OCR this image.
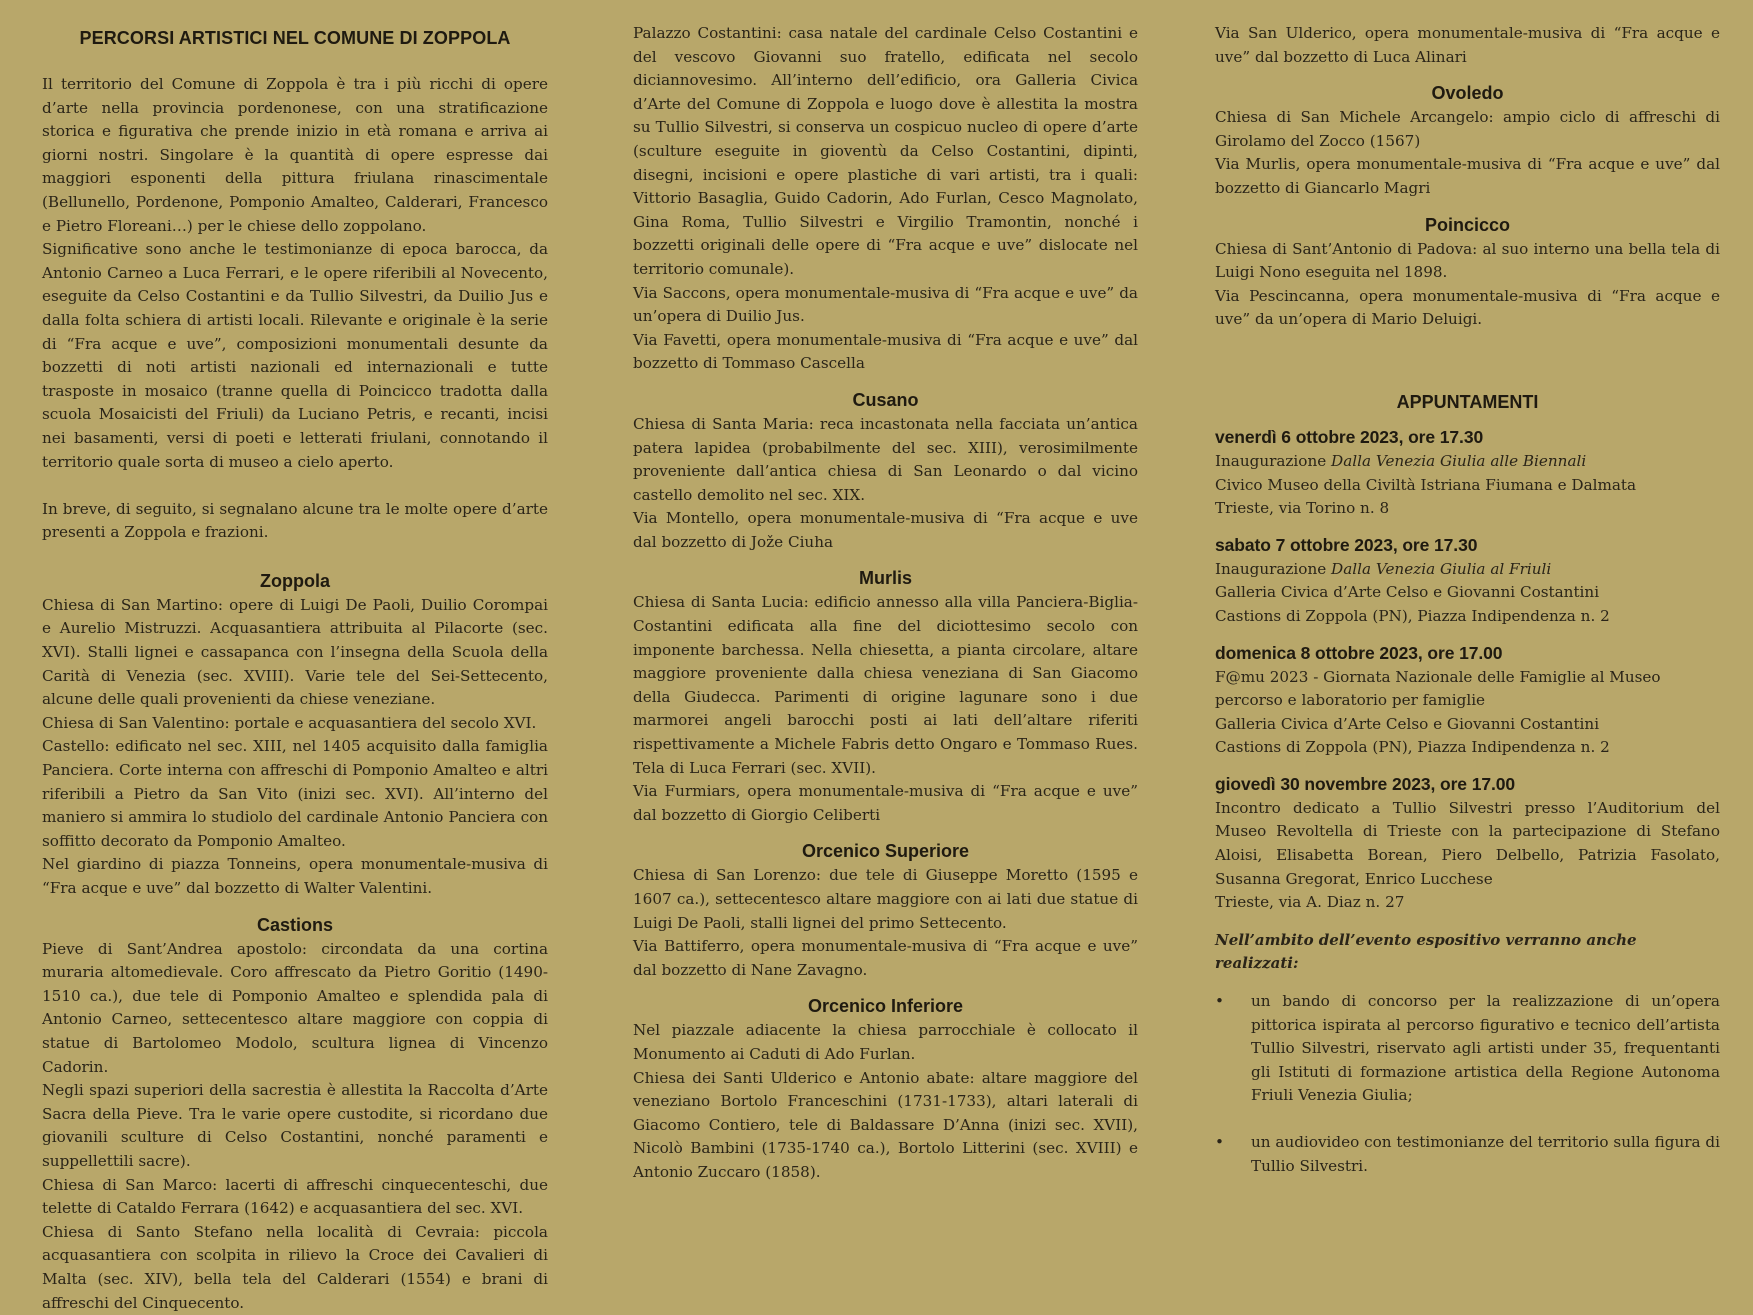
PERCORSI ARTISTICI NEL COMUNE DI ZOPPOLA

Il territorio del Comune di Zoppola è tra i più ricchi di opere d’arte nella provincia pordenonese, con una stratificazione storica e figurativa che prende inizio in età romana e arriva ai giorni nostri. Singolare è la quantità di opere espresse dai maggiori esponenti della pittura friulana rinascimentale (Bellunello, Pordenone, Pomponio Amalteo, Calderari, Francesco e Pietro Floreani…) per le chiese dello zoppolano.

Significative sono anche le testimonianze di epoca barocca, da Antonio Carneo a Luca Ferrari, e le opere riferibili al Novecento, eseguite da Celso Costantini e da Tullio Silvestri, da Duilio Jus e dalla folta schiera di artisti locali. Rilevante e originale è la serie di “Fra acque e uve”, composizioni monumentali desunte da bozzetti di noti artisti nazionali ed internazionali e tutte trasposte in mosaico (tranne quella di Poincicco tradotta dalla scuola Mosaicisti del Friuli) da Luciano Petris, e recanti, incisi nei basamenti, versi di poeti e letterati friulani, connotando il territorio quale sorta di museo a cielo aperto.

In breve, di seguito, si segnalano alcune tra le molte opere d’arte presenti a Zoppola e frazioni.

Zoppola

Chiesa di San Martino: opere di Luigi De Paoli, Duilio Corompai e Aurelio Mistruzzi. Acquasantiera attribuita al Pilacorte (sec. XVI). Stalli lignei e cassapanca con l’insegna della Scuola della Carità di Venezia (sec. XVIII). Varie tele del Sei-Settecento, alcune delle quali provenienti da chiese veneziane.

Chiesa di San Valentino: portale e acquasantiera del secolo XVI.

Castello: edificato nel sec. XIII, nel 1405 acquisito dalla famiglia Panciera. Corte interna con affreschi di Pomponio Amalteo e altri riferibili a Pietro da San Vito (inizi sec. XVI). All’interno del maniero si ammira lo studiolo del cardinale Antonio Panciera con soffitto decorato da Pomponio Amalteo.

Nel giardino di piazza Tonneins, opera monumentale-musiva di “Fra acque e uve” dal bozzetto di Walter Valentini.

Castions

Pieve di Sant’Andrea apostolo: circondata da una cortina muraria altomedievale. Coro affrescato da Pietro Goritio (1490-1510 ca.), due tele di Pomponio Amalteo e splendida pala di Antonio Carneo, settecentesco altare maggiore con coppia di statue di Bartolomeo Modolo, scultura lignea di Vincenzo Cadorin.

Negli spazi superiori della sacrestia è allestita la Raccolta d’Arte Sacra della Pieve. Tra le varie opere custodite, si ricordano due giovanili sculture di Celso Costantini, nonché paramenti e suppellettili sacre).

Chiesa di San Marco: lacerti di affreschi cinquecenteschi, due telette di Cataldo Ferrara (1642) e acquasantiera del sec. XVI.

Chiesa di Santo Stefano nella località di Cevraia: piccola acquasantiera con scolpita in rilievo la Croce dei Cavalieri di Malta (sec. XIV), bella tela del Calderari (1554) e brani di affreschi del Cinquecento.

Palazzo Costantini: casa natale del cardinale Celso Costantini e del vescovo Giovanni suo fratello, edificata nel secolo diciannovesimo. All’interno dell’edificio, ora Galleria Civica d’Arte del Comune di Zoppola e luogo dove è allestita la mostra su Tullio Silvestri, si conserva un cospicuo nucleo di opere d’arte (sculture eseguite in gioventù da Celso Costantini, dipinti, disegni, incisioni e opere plastiche di vari artisti, tra i quali: Vittorio Basaglia, Guido Cadorin, Ado Furlan, Cesco Magnolato, Gina Roma, Tullio Silvestri e Virgilio Tramontin, nonché i bozzetti originali delle opere di “Fra acque e uve” dislocate nel territorio comunale).

Via Saccons, opera monumentale-musiva di “Fra acque e uve” da un’opera di Duilio Jus.

Via Favetti, opera monumentale-musiva di “Fra acque e uve” dal bozzetto di Tommaso Cascella

Cusano

Chiesa di Santa Maria: reca incastonata nella facciata un’antica patera lapidea (probabilmente del sec. XIII), verosimilmente proveniente dall’antica chiesa di San Leonardo o dal vicino castello demolito nel sec. XIX.

Via Montello, opera monumentale-musiva di “Fra acque e uve dal bozzetto di Jože Ciuha

Murlis

Chiesa di Santa Lucia: edificio annesso alla villa Panciera-Biglia-Costantini edificata alla fine del diciottesimo secolo con imponente barchessa. Nella chiesetta, a pianta circolare, altare maggiore proveniente dalla chiesa veneziana di San Giacomo della Giudecca. Parimenti di origine lagunare sono i due marmorei angeli barocchi posti ai lati dell’altare riferiti rispettivamente a Michele Fabris detto Ongaro e Tommaso Rues. Tela di Luca Ferrari (sec. XVII).

Via Furmiars, opera monumentale-musiva di “Fra acque e uve” dal bozzetto di Giorgio Celiberti

Orcenico Superiore

Chiesa di San Lorenzo: due tele di Giuseppe Moretto (1595 e 1607 ca.), settecentesco altare maggiore con ai lati due statue di Luigi De Paoli, stalli lignei del primo Settecento.

Via Battiferro, opera monumentale-musiva di “Fra acque e uve” dal bozzetto di Nane Zavagno.

Orcenico Inferiore

Nel piazzale adiacente la chiesa parrocchiale è collocato il Monumento ai Caduti di Ado Furlan.

Chiesa dei Santi Ulderico e Antonio abate: altare maggiore del veneziano Bortolo Franceschini (1731-1733), altari laterali di Giacomo Contiero, tele di Baldassare D’Anna (inizi sec. XVII), Nicolò Bambini (1735-1740 ca.), Bortolo Litterini (sec. XVIII) e Antonio Zuccaro (1858).

Via San Ulderico, opera monumentale-musiva di “Fra acque e uve” dal bozzetto di Luca Alinari

Ovoledo

Chiesa di San Michele Arcangelo: ampio ciclo di affreschi di Girolamo del Zocco (1567)

Via Murlis, opera monumentale-musiva di “Fra acque e uve” dal bozzetto di Giancarlo Magri

Poincicco

Chiesa di Sant’Antonio di Padova: al suo interno una bella tela di Luigi Nono eseguita nel 1898.

Via Pescincanna, opera monumentale-musiva di “Fra acque e uve” da un’opera di Mario Deluigi.

APPUNTAMENTI
venerdì 6 ottobre 2023, ore 17.30

Inaugurazione Dalla Venezia Giulia alle Biennali

Civico Museo della Civiltà Istriana Fiumana e Dalmata

Trieste, via Torino n. 8

sabato 7 ottobre 2023, ore 17.30

Inaugurazione Dalla Venezia Giulia al Friuli

Galleria Civica d’Arte Celso e Giovanni Costantini

Castions di Zoppola (PN), Piazza Indipendenza n. 2

domenica 8 ottobre 2023, ore 17.00

F@mu 2023 - Giornata Nazionale delle Famiglie al Museo

percorso e laboratorio per famiglie

Galleria Civica d’Arte Celso e Giovanni Costantini

Castions di Zoppola (PN), Piazza Indipendenza n. 2

giovedì 30 novembre 2023, ore 17.00

Incontro dedicato a Tullio Silvestri presso l’Auditorium del Museo Revoltella di Trieste con la partecipazione di Stefano Aloisi, Elisabetta Borean, Piero Delbello, Patrizia Fasolato, Susanna Gregorat, Enrico Lucchese

Trieste, via A. Diaz n. 27

Nell’ambito dell’evento espositivo verranno anche realizzati:
• un bando di concorso per la realizzazione di un’opera pittorica ispirata al percorso figurativo e tecnico dell’artista Tullio Silvestri, riservato agli artisti under 35, frequentanti gli Istituti di formazione artistica della Regione Autonoma Friuli Venezia Giulia;

• un audiovideo con testimonianze del territorio sulla figura di Tullio Silvestri.
